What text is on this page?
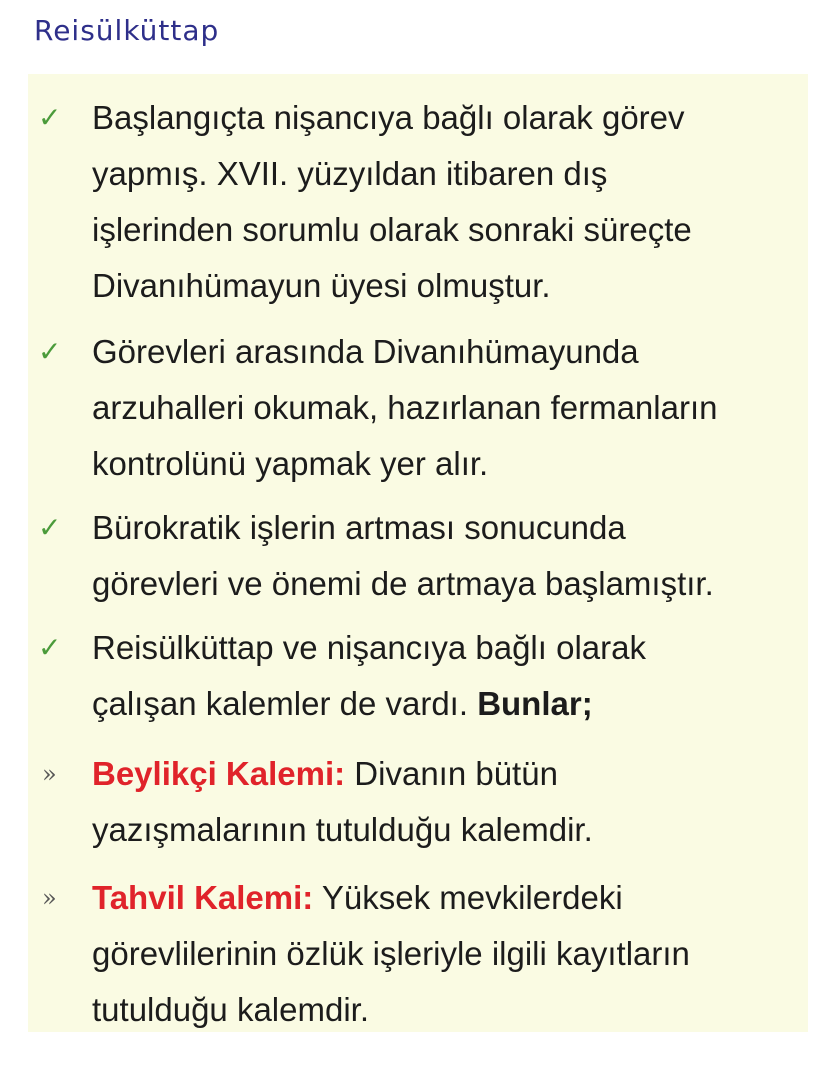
Reisülküttap
✓ Başlangıçta nişancıya bağlı olarak görev
yapmış. XVII. yüzyıldan itibaren dış
işlerinden sorumlu olarak sonraki süreçte
Divanıhümayun üyesi olmuştur.
✓ Görevleri arasında Divanıhümayunda
arzuhalleri okumak, hazırlanan fermanların
kontrolünü yapmak yer alır.
✓ Bürokratik işlerin artması sonucunda
görevleri ve önemi de artmaya başlamıştır.
✓ Reisülküttap ve nişancıya bağlı olarak
çalışan kalemler de vardı. Bunlar;
» Beylikçi Kalemi: Divanın bütün
yazışmalarının tutulduğu kalemdir.
» Tahvil Kalemi: Yüksek mevkilerdeki
görevlilerinin özlük işleriyle ilgili kayıtların
tutulduğu kalemdir.
